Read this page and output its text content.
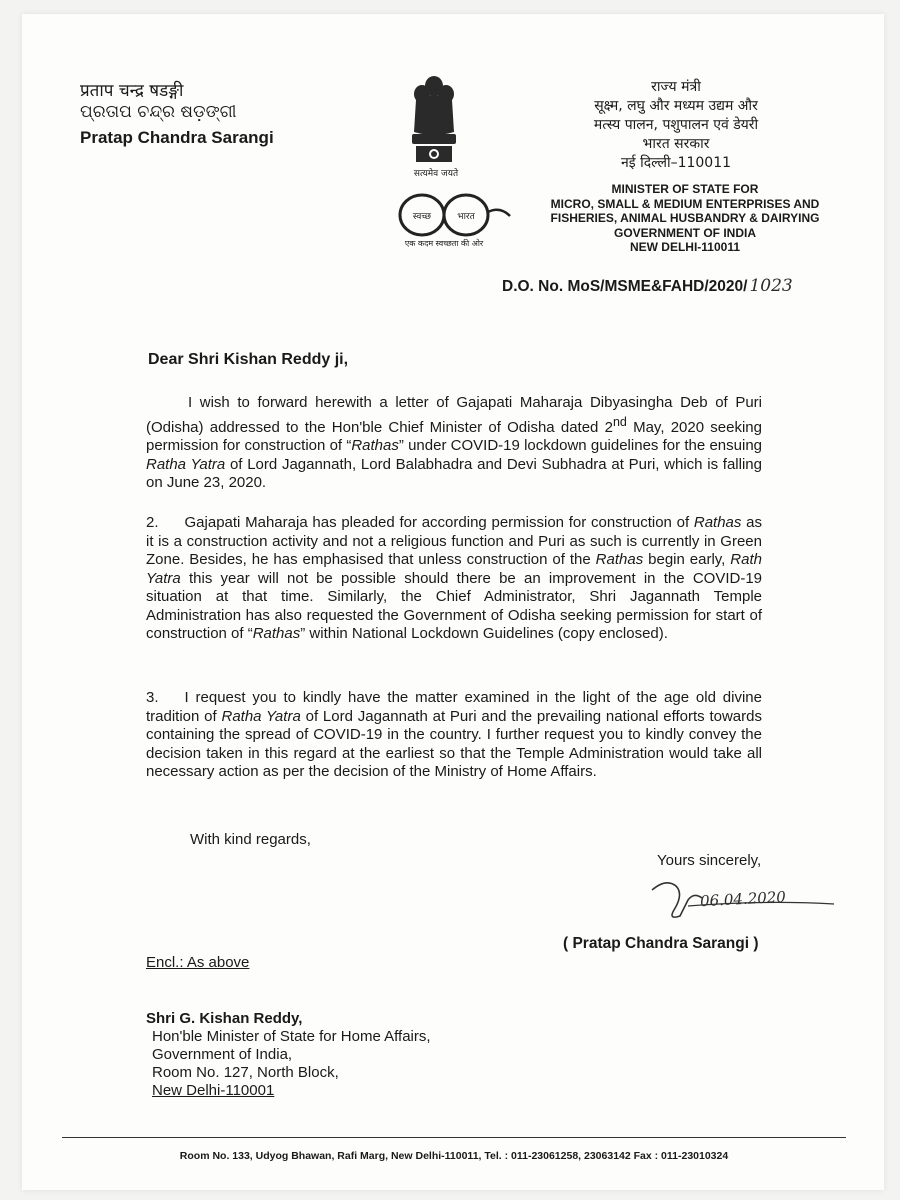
प्रताप चन्द्र षडङ्गी
ପ୍ରତାପ ଚନ୍ଦ୍ର ଷଡ଼ଙ୍ଗୀ
Pratap Chandra Sarangi
सत्यमेव जयते
स्वच्छ	भारत
एक कदम स्वच्छता की ओर
राज्य मंत्री
सूक्ष्म, लघु और मध्यम उद्यम और
मत्स्य पालन, पशुपालन एवं डेयरी
भारत सरकार
नई दिल्ली–110011
MINISTER OF STATE FOR
MICRO, SMALL & MEDIUM ENTERPRISES AND
FISHERIES, ANIMAL HUSBANDRY & DAIRYING
GOVERNMENT OF INDIA
NEW DELHI-110011
D.O. No. MoS/MSME&FAHD/2020/ 1023
Dear Shri Kishan Reddy ji,
I wish to forward herewith a letter of Gajapati Maharaja Dibyasingha Deb of Puri (Odisha) addressed to the Hon'ble Chief Minister of Odisha dated 2nd May, 2020 seeking permission for construction of “Rathas” under COVID-19 lockdown guidelines for the ensuing Ratha Yatra of Lord Jagannath, Lord Balabhadra and Devi Subhadra at Puri, which is falling on June 23, 2020.
2. Gajapati Maharaja has pleaded for according permission for construction of Rathas as it is a construction activity and not a religious function and Puri as such is currently in Green Zone. Besides, he has emphasised that unless construction of the Rathas begin early, Rath Yatra this year will not be possible should there be an improvement in the COVID-19 situation at that time. Similarly, the Chief Administrator, Shri Jagannath Temple Administration has also requested the Government of Odisha seeking permission for start of construction of “Rathas” within National Lockdown Guidelines (copy enclosed).
3. I request you to kindly have the matter examined in the light of the age old divine tradition of Ratha Yatra of Lord Jagannath at Puri and the prevailing national efforts towards containing the spread of COVID-19 in the country. I further request you to kindly convey the decision taken in this regard at the earliest so that the Temple Administration would take all necessary action as per the decision of the Ministry of Home Affairs.
With kind regards,
Yours sincerely,
06.04.2020
( Pratap Chandra Sarangi )
Encl.: As above
Shri G. Kishan Reddy,
Hon'ble Minister of State for Home Affairs,
Government of India,
Room No. 127, North Block,
New Delhi-110001
Room No. 133, Udyog Bhawan, Rafi Marg, New Delhi-110011, Tel. : 011-23061258, 23063142 Fax : 011-23010324
